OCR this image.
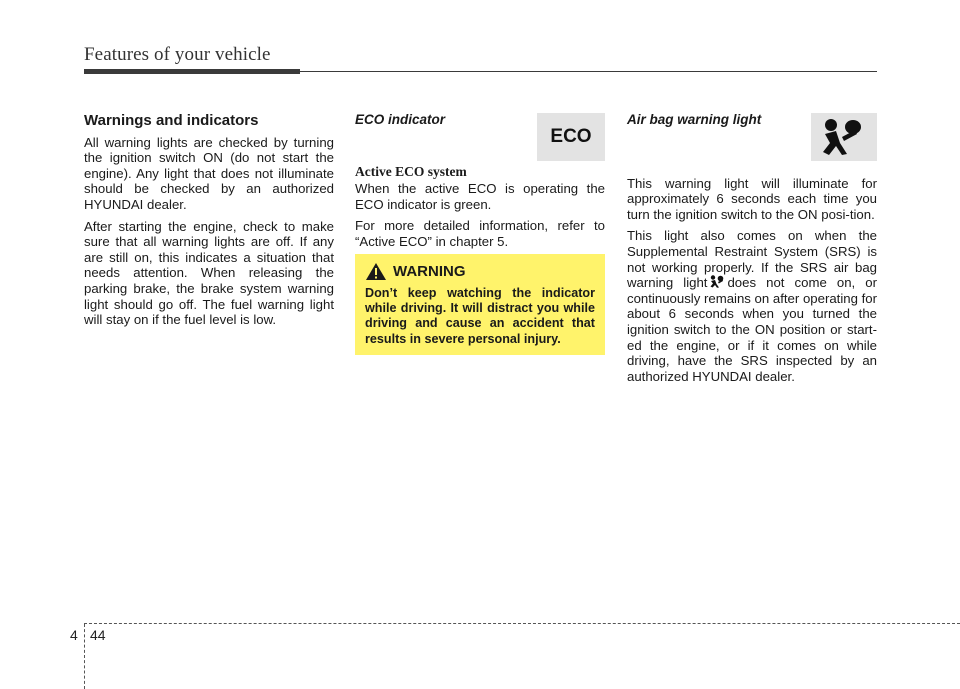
Features of your vehicle
Warnings and indicators

All warning lights are checked by turning the ignition switch ON (do not start the engine). Any light that does not illuminate should be checked by an authorized HYUNDAI dealer.

After starting the engine, check to make sure that all warning lights are off. If any are still on, this indicates a situation that needs attention. When releasing the parking brake, the brake system warning light should go off. The fuel warning light will stay on if the fuel level is low.

ECO indicator
Active ECO system

When the active ECO is operating the ECO indicator is green.

For more detailed information, refer to “Active ECO” in chapter 5.

ECO
WARNING
Don’t keep watching the indicator while driving. It will distract you while driving and cause an accident that results in severe personal injury.
Air bag warning light

This warning light will illuminate for approximately 6 seconds each time you turn the ignition switch to the ON posi-tion.

This light also comes on when the Supplemental Restraint System (SRS) is not working properly. If the SRS air bag warning light does not come on, or continuously remains on after operating for about 6 seconds when you turned the ignition switch to the ON position or start-ed the engine, or if it comes on while driving, have the SRS inspected by an authorized HYUNDAI dealer.

4 44
